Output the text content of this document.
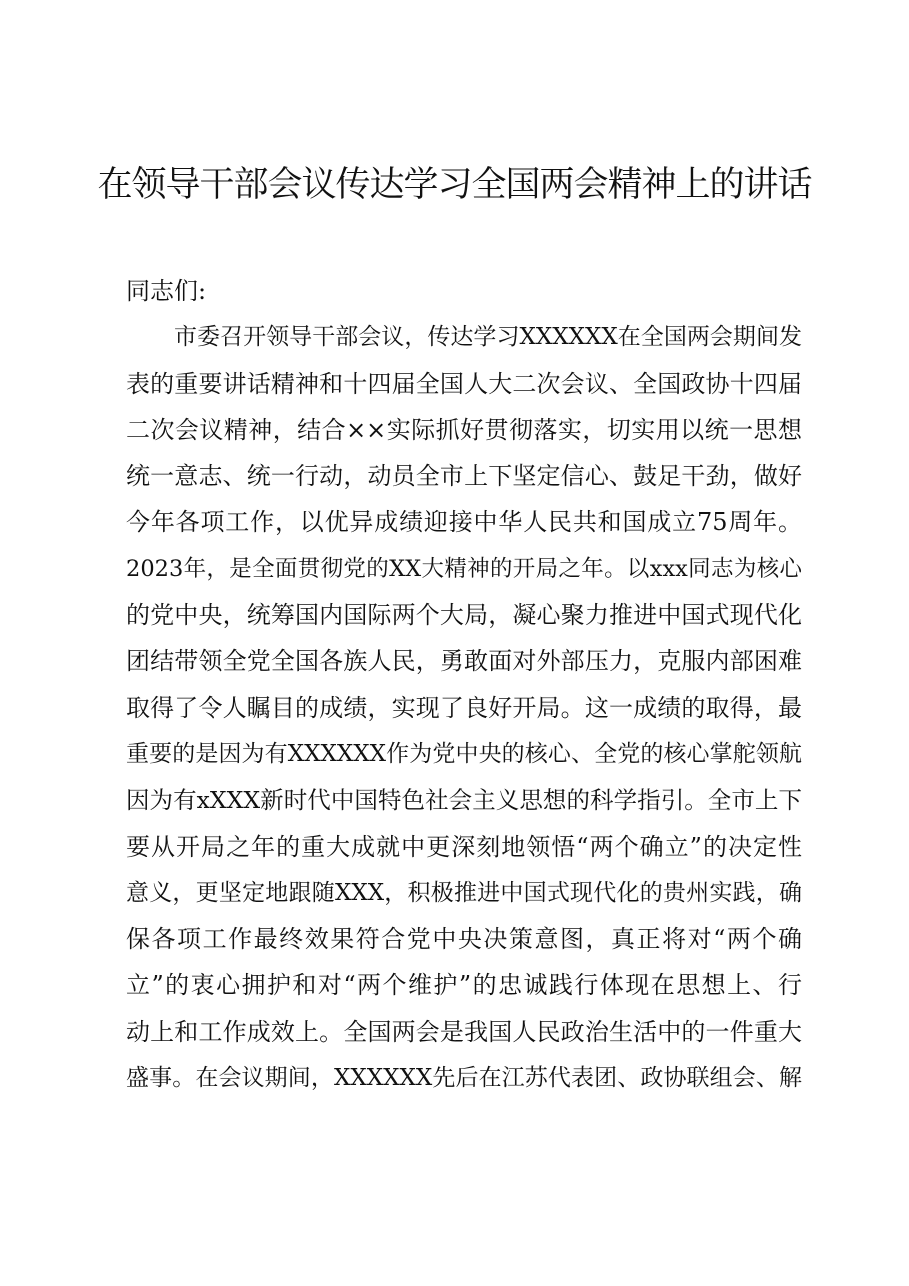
在领导干部会议传达学习全国两会精神上的讲话
同志们:
市委召开领导干部会议，传达学习XXXXXX在全国两会期间发
表的重要讲话精神和十四届全国人大二次会议、全国政协十四届
二次会议精神，结合××实际抓好贯彻落实，切实用以统一思想
统一意志、统一行动，动员全市上下坚定信心、鼓足干劲，做好
今年各项工作，以优异成绩迎接中华人民共和国成立75周年。
2023年，是全面贯彻党的XX大精神的开局之年。以xxx同志为核心
的党中央，统筹国内国际两个大局，凝心聚力推进中国式现代化
团结带领全党全国各族人民，勇敢面对外部压力，克服内部困难
取得了令人瞩目的成绩，实现了良好开局。这一成绩的取得，最
重要的是因为有XXXXXX作为党中央的核心、全党的核心掌舵领航
因为有xXXX新时代中国特色社会主义思想的科学指引。全市上下
要从开局之年的重大成就中更深刻地领悟“两个确立”的决定性
意义，更坚定地跟随XXX，积极推进中国式现代化的贵州实践，确
保各项工作最终效果符合党中央决策意图，真正将对“两个确
立”的衷心拥护和对“两个维护”的忠诚践行体现在思想上、行
动上和工作成效上。全国两会是我国人民政治生活中的一件重大
盛事。在会议期间，XXXXXX先后在江苏代表团、政协联组会、解
